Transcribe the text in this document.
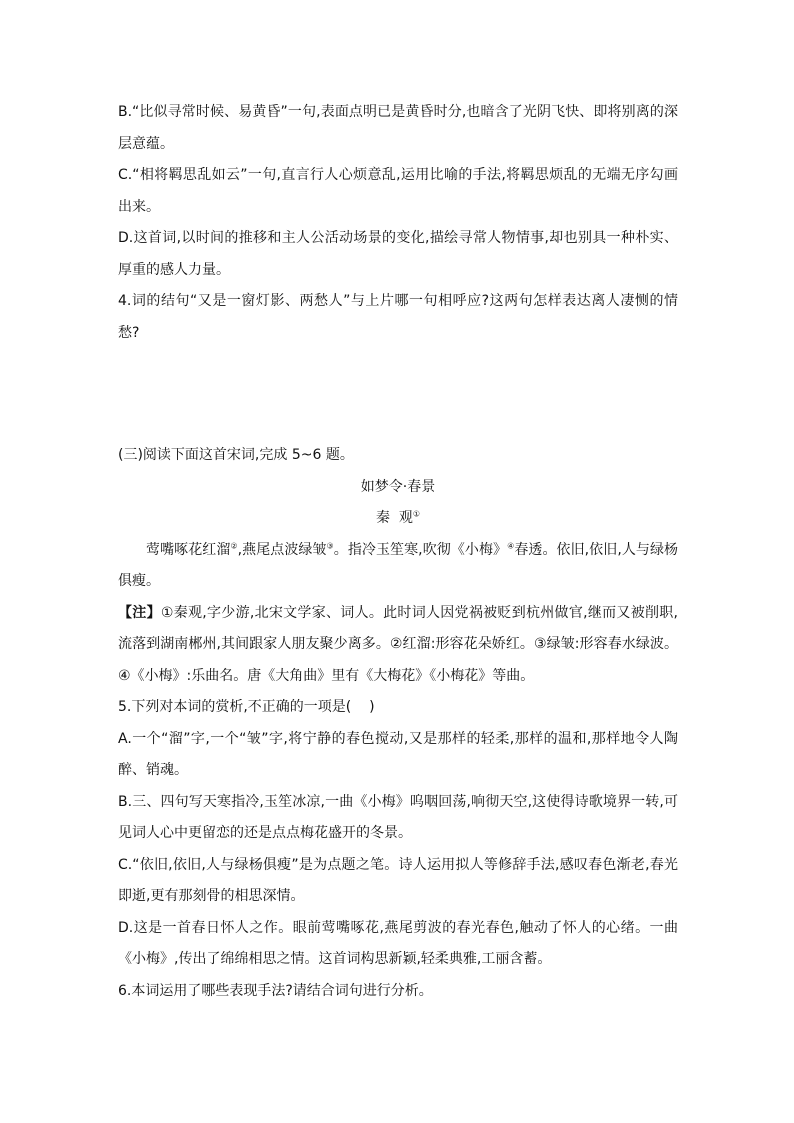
B.“比似寻常时候、易黄昏”一句,表面点明已是黄昏时分,也暗含了光阴飞快、即将别离的深层意蕴。

C.“相将羁思乱如云”一句,直言行人心烦意乱,运用比喻的手法,将羁思烦乱的无端无序勾画出来。

D.这首词,以时间的推移和主人公活动场景的变化,描绘寻常人物情事,却也别具一种朴实、厚重的感人力量。

4.词的结句“又是一窗灯影、两愁人”与上片哪一句相呼应?这两句怎样表达离人凄恻的情愁?

(三)阅读下面这首宋词,完成 5~6 题。

如梦令·春景

秦  观①

莺嘴啄花红溜②,燕尾点波绿皱③。指冷玉笙寒,吹彻《小梅》④春透。依旧,依旧,人与绿杨俱瘦。

【注】①秦观,字少游,北宋文学家、词人。此时词人因党祸被贬到杭州做官,继而又被削职,流落到湖南郴州,其间跟家人朋友聚少离多。②红溜:形容花朵娇红。③绿皱:形容春水绿波。④《小梅》:乐曲名。唐《大角曲》里有《大梅花》《小梅花》等曲。

5.下列对本词的赏析,不正确的一项是(    )

A.一个“溜”字,一个“皱”字,将宁静的春色搅动,又是那样的轻柔,那样的温和,那样地令人陶醉、销魂。

B.三、四句写天寒指冷,玉笙冰凉,一曲《小梅》呜咽回荡,响彻天空,这使得诗歌境界一转,可见词人心中更留恋的还是点点梅花盛开的冬景。

C.“依旧,依旧,人与绿杨俱瘦”是为点题之笔。诗人运用拟人等修辞手法,感叹春色渐老,春光即逝,更有那刻骨的相思深情。

D.这是一首春日怀人之作。眼前莺嘴啄花,燕尾剪波的春光春色,触动了怀人的心绪。一曲《小梅》,传出了绵绵相思之情。这首词构思新颖,轻柔典雅,工丽含蓄。

6.本词运用了哪些表现手法?请结合词句进行分析。
